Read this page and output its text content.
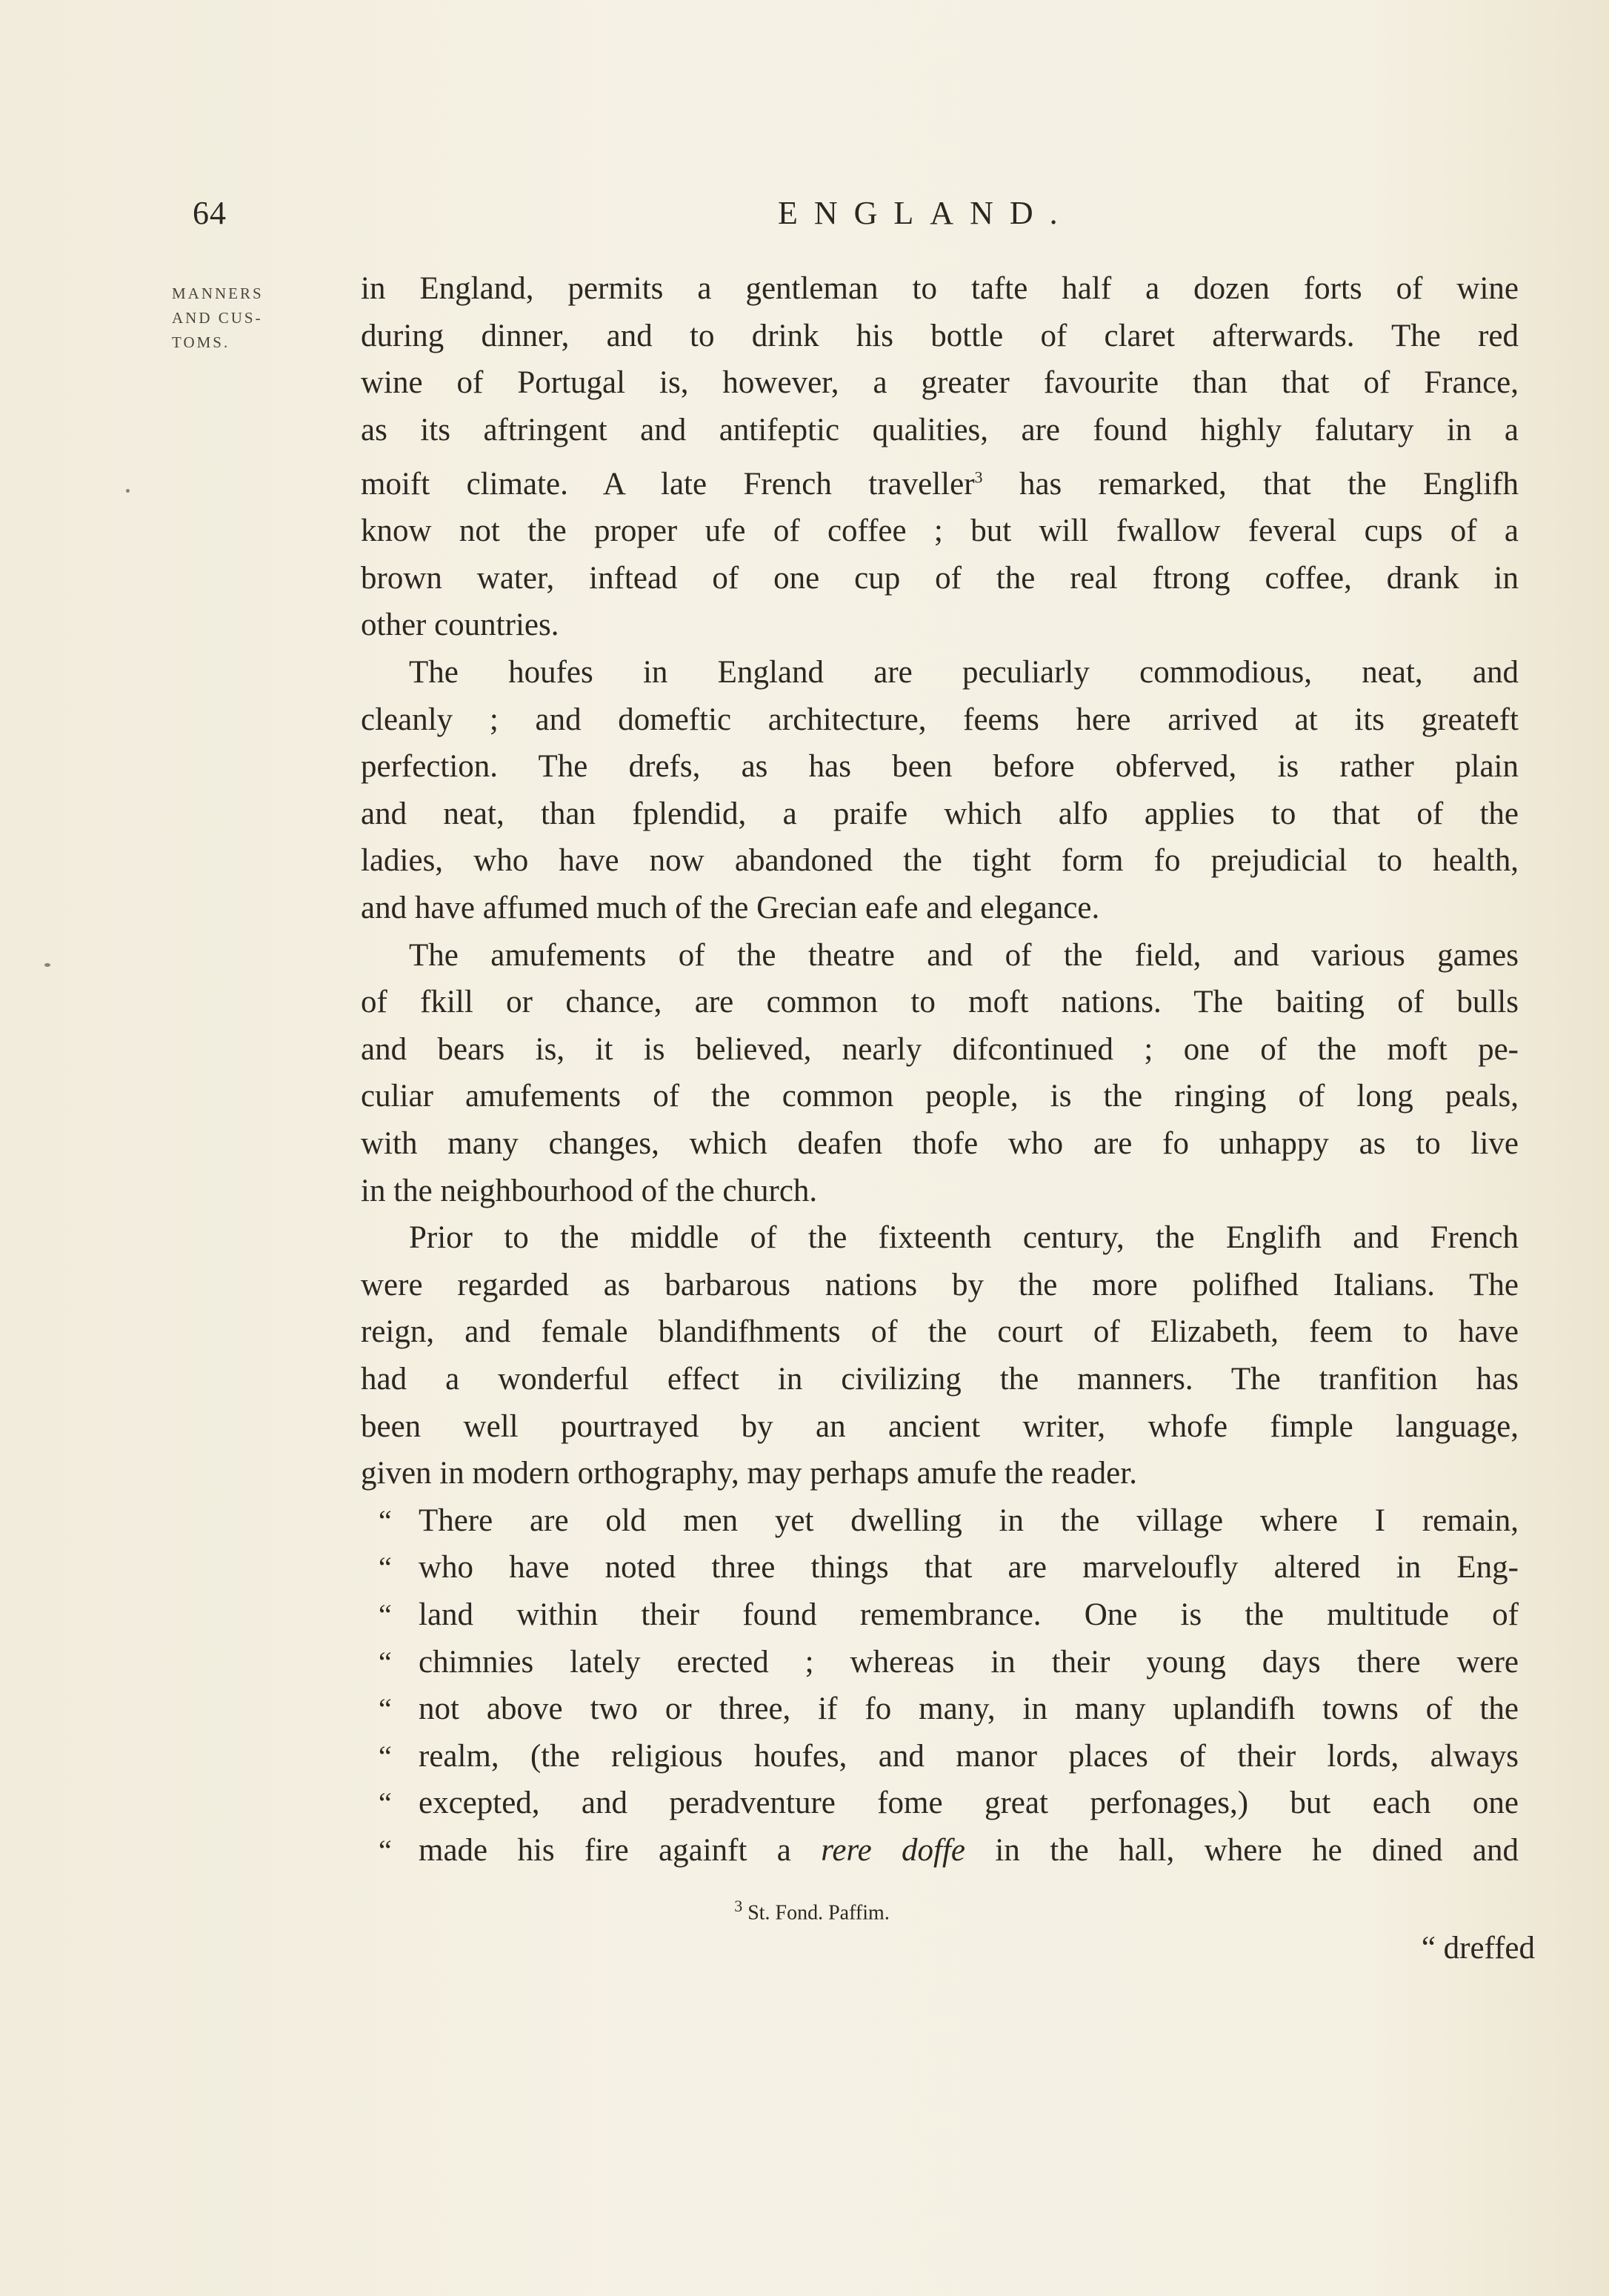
64	ENGLAND.
MANNERS
AND CUS-
TOMS.

in England, permits a gentleman to tafte half a dozen forts of wine

during dinner, and to drink his bottle of claret afterwards. The red

wine of Portugal is, however, a greater favourite than that of France,

as its aftringent and antifeptic qualities, are found highly falutary in a

moift climate. A late French traveller$^3$ has remarked, that the Englifh

know not the proper ufe of coffee ; but will fwallow feveral cups of a

brown water, inftead of one cup of the real ftrong coffee, drank in

other countries.

The houfes in England are peculiarly commodious, neat, and

cleanly ; and domeftic architecture, feems here arrived at its greateft

perfection. The drefs, as has been before obferved, is rather plain

and neat, than fplendid, a praife which alfo applies to that of the

ladies, who have now abandoned the tight form fo prejudicial to health,

and have affumed much of the Grecian eafe and elegance.

The amufements of the theatre and of the field, and various games

of fkill or chance, are common to moft nations. The baiting of bulls

and bears is, it is believed, nearly difcontinued ; one of the moft pe-

culiar amufements of the common people, is the ringing of long peals,

with many changes, which deafen thofe who are fo unhappy as to live

in the neighbourhood of the church.

Prior to the middle of the fixteenth century, the Englifh and French

were regarded as barbarous nations by the more polifhed Italians. The

reign, and female blandifhments of the court of Elizabeth, feem to have

had a wonderful effect in civilizing the manners. The tranfition has

been well pourtrayed by an ancient writer, whofe fimple language,

given in modern orthography, may perhaps amufe the reader.

“ There are old men yet dwelling in the village where I remain,

“ who have noted three things that are marveloufly altered in Eng-

“ land within their found remembrance. One is the multitude of

“ chimnies lately erected ; whereas in their young days there were

“ not above two or three, if fo many, in many uplandifh towns of the

“ realm, (the religious houfes, and manor places of their lords, always

“ excepted, and peradventure fome great perfonages,) but each one

“ made his fire againft a rere doffe in the hall, where he dined and

$^3$ St. Fond. Paffim.
“ dreffed
